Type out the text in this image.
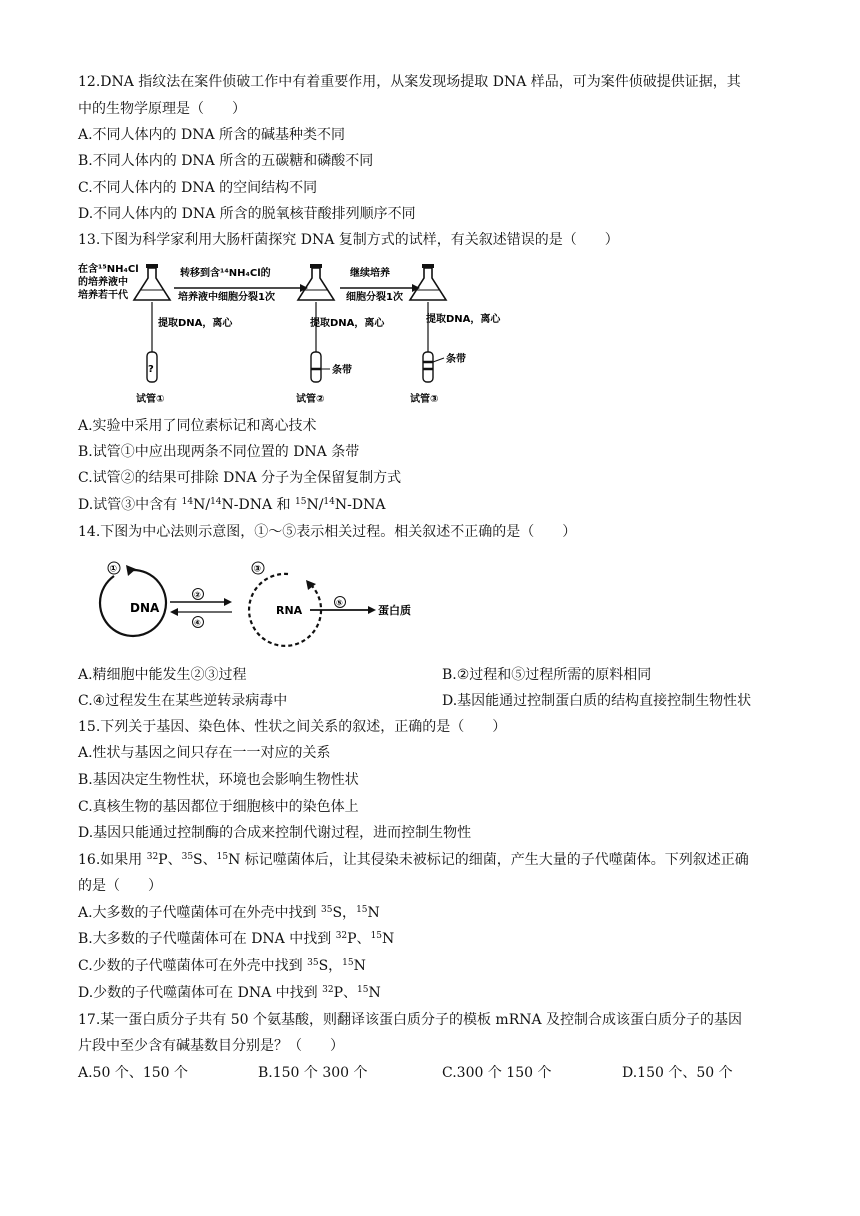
12.DNA 指纹法在案件侦破工作中有着重要作用，从案发现场提取 DNA 样品，可为案件侦破提供证据，其
中的生物学原理是（　　）
A.不同人体内的 DNA 所含的碱基种类不同
B.不同人体内的 DNA 所含的五碳糖和磷酸不同
C.不同人体内的 DNA 的空间结构不同
D.不同人体内的 DNA 所含的脱氧核苷酸排列顺序不同
13.下图为科学家利用大肠杆菌探究 DNA 复制方式的试样，有关叙述错误的是（　　）
在含¹⁵NH₄Cl
的培养液中
培养若干代
转移到含¹⁴NH₄Cl的
培养液中细胞分裂1次
继续培养
细胞分裂1次
提取DNA，离心	提取DNA，离心	提取DNA，离心
?	条带
条带
试管①	试管②	试管③
A.实验中采用了同位素标记和离心技术
B.试管①中应出现两条不同位置的 DNA 条带
C.试管②的结果可排除 DNA 分子为全保留复制方式
D.试管③中含有 $^{14}$N/$^{14}$N-DNA 和 $^{15}$N/$^{14}$N-DNA
14.下图为中心法则示意图，①～⑤表示相关过程。相关叙述不正确的是（　　）
①
DNA
②
④
③
RNA
⑤
蛋白质
A.精细胞中能发生②③过程	B.②过程和⑤过程所需的原料相同
C.④过程发生在某些逆转录病毒中	D.基因能通过控制蛋白质的结构直接控制生物性状
15.下列关于基因、染色体、性状之间关系的叙述，正确的是（　　）
A.性状与基因之间只存在一一对应的关系
B.基因决定生物性状，环境也会影响生物性状
C.真核生物的基因都位于细胞核中的染色体上
D.基因只能通过控制酶的合成来控制代谢过程，进而控制生物性
16.如果用 $^{32}$P、$^{35}$S、$^{15}$N 标记噬菌体后，让其侵染未被标记的细菌，产生大量的子代噬菌体。下列叙述正确
的是（　　）
A.大多数的子代噬菌体可在外壳中找到 $^{35}$S，$^{15}$N
B.大多数的子代噬菌体可在 DNA 中找到 $^{32}$P、$^{15}$N
C.少数的子代噬菌体可在外壳中找到 $^{35}$S，$^{15}$N
D.少数的子代噬菌体可在 DNA 中找到 $^{32}$P、$^{15}$N
17.某一蛋白质分子共有 50 个氨基酸，则翻译该蛋白质分子的模板 mRNA 及控制合成该蛋白质分子的基因
片段中至少含有碱基数目分别是？（　　）
A.50 个、150 个	B.150 个 300 个	C.300 个 150 个	D.150 个、50 个
